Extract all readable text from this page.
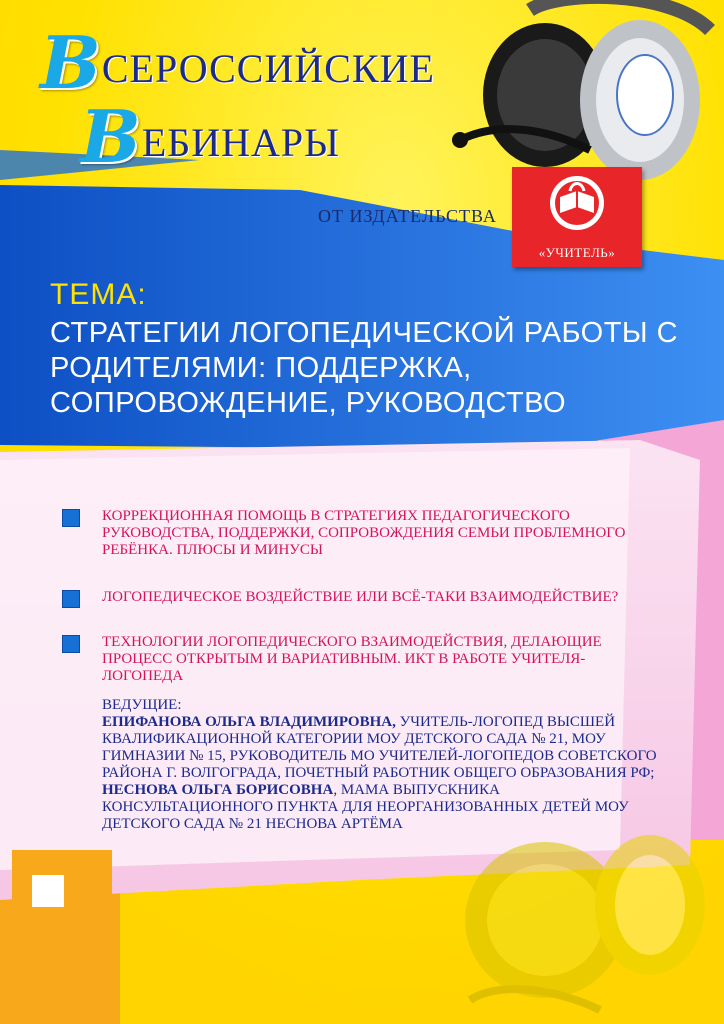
ВСЕРОССИЙСКИЕ
ВЕБИНАРЫ
ОТ ИЗДАТЕЛЬСТВА
«УЧИТЕЛЬ»
ТЕМА:
СТРАТЕГИИ ЛОГОПЕДИЧЕСКОЙ РАБОТЫ С РОДИТЕЛЯМИ: ПОДДЕРЖКА, СОПРОВОЖДЕНИЕ, РУКОВОДСТВО
КОРРЕКЦИОННАЯ ПОМОЩЬ В СТРАТЕГИЯХ ПЕДАГОГИЧЕСКОГО РУКОВОДСТВА, ПОДДЕРЖКИ, СОПРОВОЖДЕНИЯ СЕМЬИ ПРОБЛЕМНОГО РЕБЁНКА. ПЛЮСЫ И МИНУСЫ
ЛОГОПЕДИЧЕСКОЕ ВОЗДЕЙСТВИЕ ИЛИ ВСЁ-ТАКИ ВЗАИМОДЕЙСТВИЕ?
ТЕХНОЛОГИИ ЛОГОПЕДИЧЕСКОГО ВЗАИМОДЕЙСТВИЯ, ДЕЛАЮЩИЕ ПРОЦЕСС ОТКРЫТЫМ И ВАРИАТИВНЫМ. ИКТ В РАБОТЕ УЧИТЕЛЯ-ЛОГОПЕДА
ВЕДУЩИЕ:
ЕПИФАНОВА ОЛЬГА ВЛАДИМИРОВНА, УЧИТЕЛЬ-ЛОГОПЕД ВЫСШЕЙ КВАЛИФИКАЦИОННОЙ КАТЕГОРИИ МОУ ДЕТСКОГО САДА № 21, МОУ ГИМНАЗИИ № 15, РУКОВОДИТЕЛЬ МО УЧИТЕЛЕЙ-ЛОГОПЕДОВ СОВЕТСКОГО РАЙОНА Г. ВОЛГОГРАДА, ПОЧЕТНЫЙ РАБОТНИК ОБЩЕГО ОБРАЗОВАНИЯ РФ;
НЕСНОВА ОЛЬГА БОРИСОВНА, МАМА ВЫПУСКНИКА КОНСУЛЬТАЦИОННОГО ПУНКТА ДЛЯ НЕОРГАНИЗОВАННЫХ ДЕТЕЙ МОУ ДЕТСКОГО САДА № 21 НЕСНОВА АРТЁМА
